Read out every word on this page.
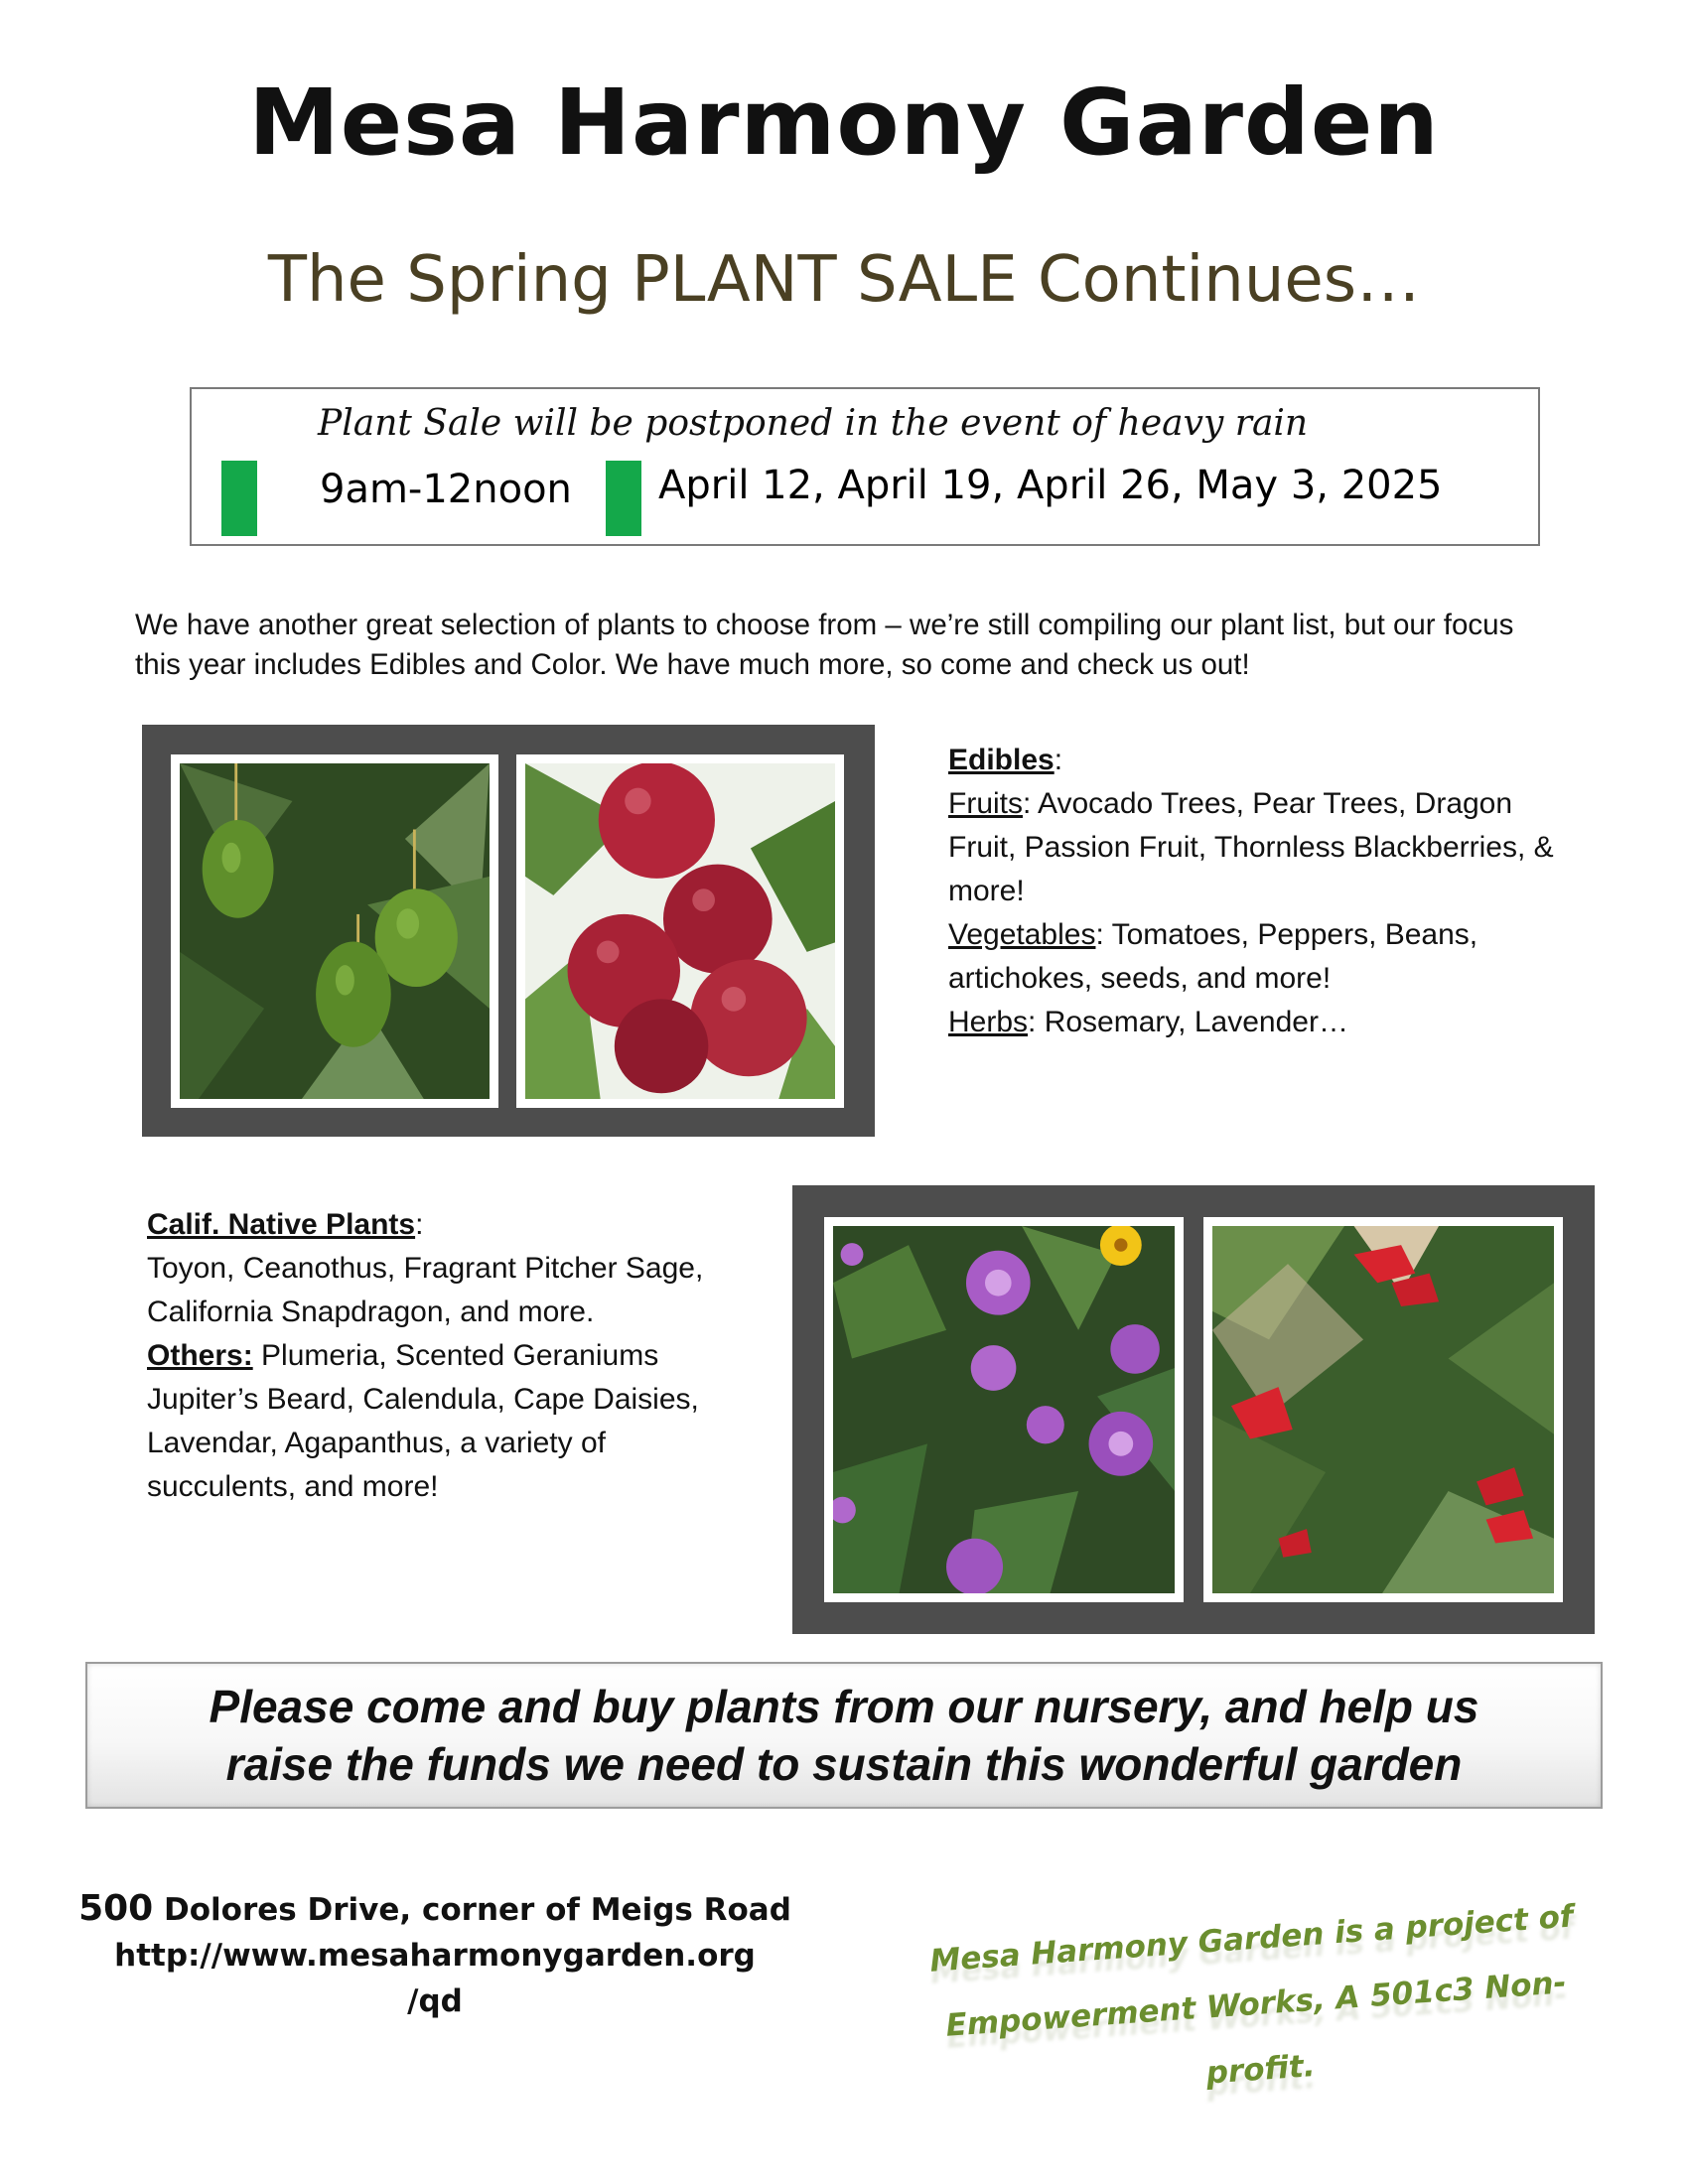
Mesa Harmony Garden
The Spring PLANT SALE Continues…
Plant Sale will be postponed in the event of heavy rain
9am-12noon April 12, April 19, April 26, May 3, 2025
We have another great selection of plants to choose from – we’re still compiling our plant list, but our focus this year includes Edibles and Color. We have much more, so come and check us out!
Edibles:
Fruits: Avocado Trees, Pear Trees, Dragon Fruit, Passion Fruit, Thornless Blackberries, & more!
Vegetables: Tomatoes, Peppers, Beans, artichokes, seeds, and more!
Herbs: Rosemary, Lavender…
Calif. Native Plants:
Toyon, Ceanothus, Fragrant Pitcher Sage, California Snapdragon, and more.
Others: Plumeria, Scented Geraniums Jupiter’s Beard, Calendula, Cape Daisies, Lavendar, Agapanthus, a variety of succulents, and more!
Please come and buy plants from our nursery, and help us
raise the funds we need to sustain this wonderful garden
500 Dolores Drive, corner of Meigs Road
http://www.mesaharmonygarden.org
/qd
Mesa Harmony Garden is a project of
Empowerment Works, A 501c3 Non-profit.
